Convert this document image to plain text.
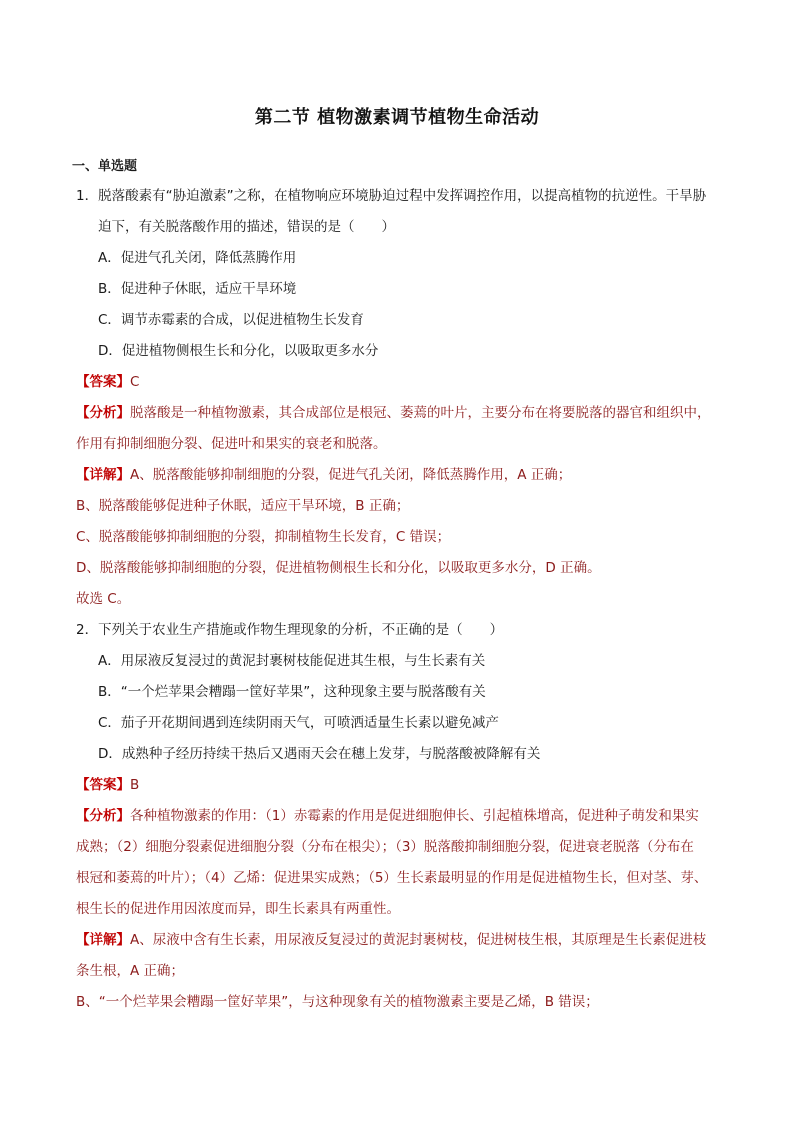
第二节 植物激素调节植物生命活动
一、单选题
1．脱落酸素有“胁迫激素”之称，在植物响应环境胁迫过程中发挥调控作用，以提高植物的抗逆性。干旱胁
迫下，有关脱落酸作用的描述，错误的是（　　）
A．促进气孔关闭，降低蒸腾作用
B．促进种子休眠，适应干旱环境
C．调节赤霉素的合成，以促进植物生长发育
D．促进植物侧根生长和分化，以吸取更多水分
【答案】C
【分析】脱落酸是一种植物激素，其合成部位是根冠、萎蔫的叶片，主要分布在将要脱落的器官和组织中，
作用有抑制细胞分裂、促进叶和果实的衰老和脱落。
【详解】A、脱落酸能够抑制细胞的分裂，促进气孔关闭，降低蒸腾作用，A 正确；
B、脱落酸能够促进种子休眠，适应干旱环境，B 正确；
C、脱落酸能够抑制细胞的分裂，抑制植物生长发育，C 错误；
D、脱落酸能够抑制细胞的分裂，促进植物侧根生长和分化，以吸取更多水分，D 正确。
故选 C。
2．下列关于农业生产措施或作物生理现象的分析，不正确的是（　　）
A．用尿液反复浸过的黄泥封裹树枝能促进其生根，与生长素有关
B．“一个烂苹果会糟蹋一筐好苹果”，这种现象主要与脱落酸有关
C．茄子开花期间遇到连续阴雨天气，可喷洒适量生长素以避免减产
D．成熟种子经历持续干热后又遇雨天会在穗上发芽，与脱落酸被降解有关
【答案】B
【分析】各种植物激素的作用：（1）赤霉素的作用是促进细胞伸长、引起植株增高，促进种子萌发和果实
成熟；（2）细胞分裂素促进细胞分裂（分布在根尖）；（3）脱落酸抑制细胞分裂，促进衰老脱落（分布在
根冠和萎蔫的叶片）；（4）乙烯：促进果实成熟；（5）生长素最明显的作用是促进植物生长，但对茎、芽、
根生长的促进作用因浓度而异，即生长素具有两重性。
【详解】A、尿液中含有生长素，用尿液反复浸过的黄泥封裹树枝，促进树枝生根，其原理是生长素促进枝
条生根，A 正确；
B、“一个烂苹果会糟蹋一筐好苹果”，与这种现象有关的植物激素主要是乙烯，B 错误；
